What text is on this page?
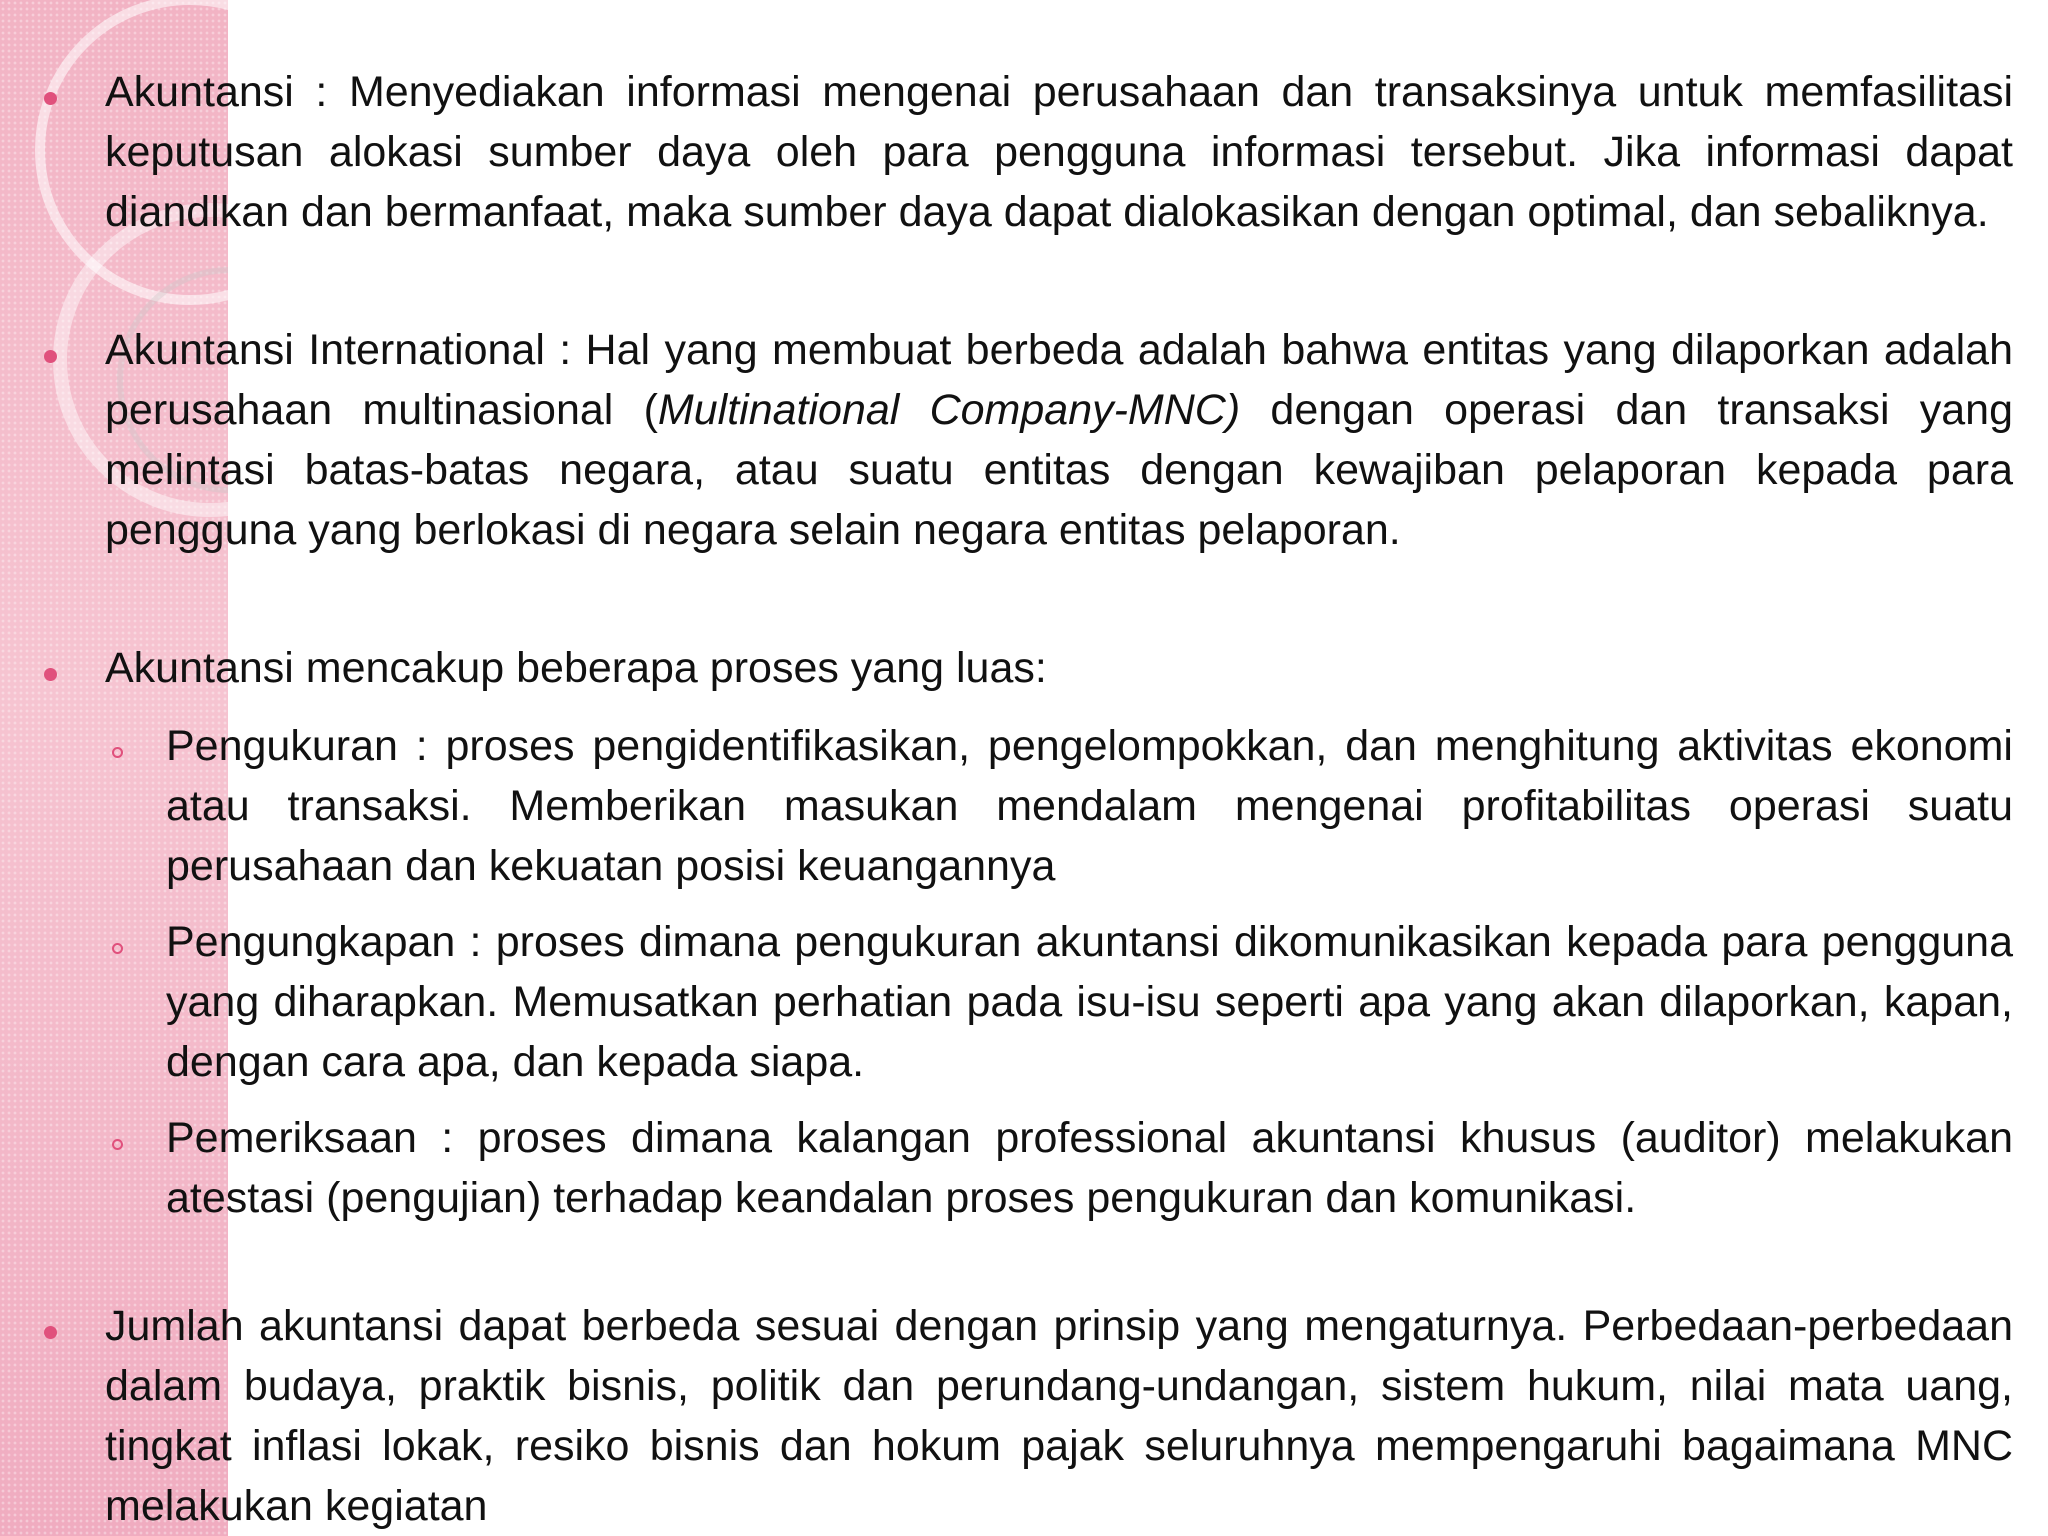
Akuntansi : Menyediakan informasi mengenai perusahaan dan transaksinya untuk memfasilitasi keputusan alokasi sumber daya oleh para pengguna informasi tersebut. Jika informasi dapat diandlkan dan bermanfaat, maka sumber daya dapat dialokasikan dengan optimal, dan sebaliknya.

Akuntansi International : Hal yang membuat berbeda adalah bahwa entitas yang dilaporkan adalah perusahaan multinasional (Multinational Company-MNC) dengan operasi dan transaksi yang melintasi batas-batas negara, atau suatu entitas dengan kewajiban pelaporan kepada para pengguna yang berlokasi di negara selain negara entitas pelaporan.

Akuntansi mencakup beberapa proses yang luas:

Pengukuran : proses pengidentifikasikan, pengelompokkan, dan menghitung aktivitas ekonomi atau transaksi. Memberikan masukan mendalam mengenai profitabilitas operasi suatu perusahaan dan kekuatan posisi keuangannya

Pengungkapan : proses dimana pengukuran akuntansi dikomunikasikan kepada para pengguna yang diharapkan. Memusatkan perhatian pada isu-isu seperti apa yang akan dilaporkan, kapan, dengan cara apa, dan kepada siapa.

Pemeriksaan : proses dimana kalangan professional akuntansi khusus (auditor) melakukan atestasi (pengujian) terhadap keandalan proses pengukuran dan komunikasi.

Jumlah akuntansi dapat berbeda sesuai dengan prinsip yang mengaturnya. Perbedaan-perbedaan dalam budaya, praktik bisnis, politik dan perundang-undangan, sistem hukum, nilai mata uang, tingkat inflasi lokak, resiko bisnis dan hokum pajak seluruhnya mempengaruhi bagaimana MNC melakukan kegiatan
